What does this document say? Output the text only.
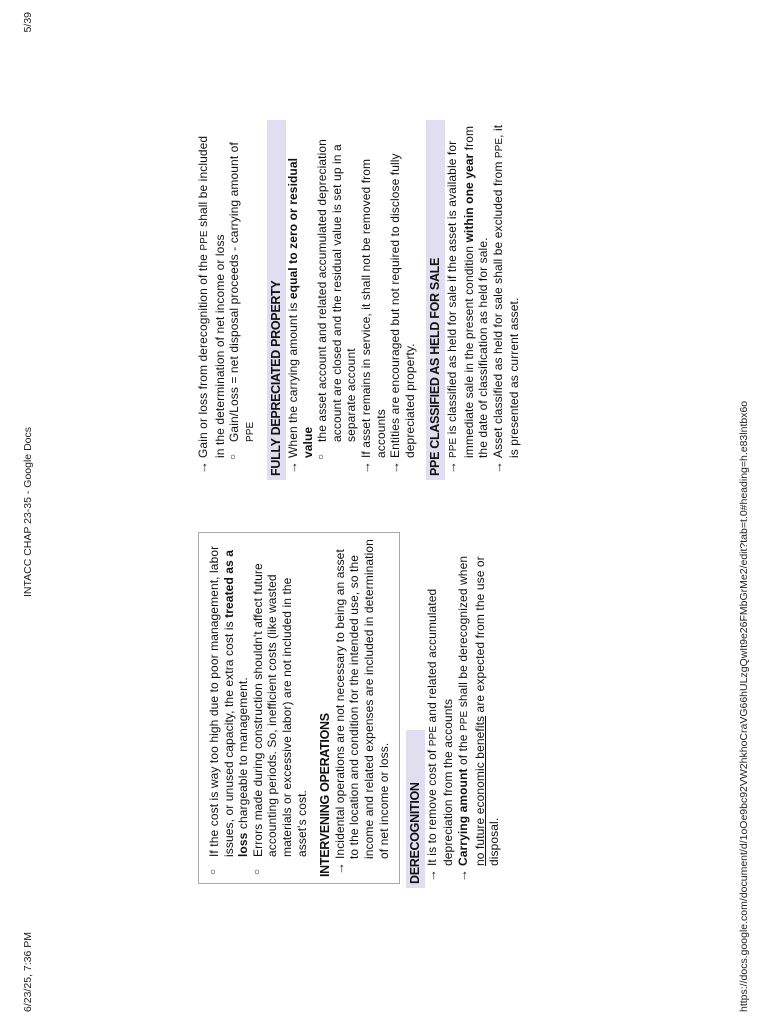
6/23/25, 7:36 PM
INTACC CHAP 23-35 - Google Docs
5/39
https://docs.google.com/document/d/1oOe9bc92VW2hkhoCraVG66hULzgQwIt9e26FMbGrMe2/edit?tab=t.0#heading=h.e83lntbx6o
○
If the cost is way too high due to poor management, labor issues, or unused capacity, the extra cost is treated as a loss chargeable to management.
○
Errors made during construction shouldn't affect future accounting periods. So, inefficient costs (like wasted materials or excessive labor) are not included in the asset's cost. INTERVENING OPERATIONS →
Incidental operations are not necessary to being an asset to the location and condition for the intended use, so the income and related expenses are included in determination of net income or loss. DERECOGNITION →
It is to remove cost of PPE and related accumulated depreciation from the accounts
→
Carrying amount of the PPE shall be derecognized when no future economic benefits are expected from the use or disposal.
→
Gain or loss from derecognition of the PPE shall be included in the determination of net income or loss ○
Gain/Loss = net disposal proceeds - carrying amount of PPE FULLY DEPRECIATED PROPERTY →
When the carrying amount is equal to zero or residual value ○
the asset account and related accumulated depreciation account are closed and the residual value is set up in a separate account
→
If asset remains in service, it shall not be removed from accounts
→
Entities are encouraged but not required to disclose fully depreciated property. PPE CLASSIFIED AS HELD FOR SALE →
PPE is classified as held for sale if the asset is available for immediate sale in the present condition within one year from the date of classification as held for sale.
→
Asset classified as held for sale shall be excluded from PPE, it is presented as current asset.
